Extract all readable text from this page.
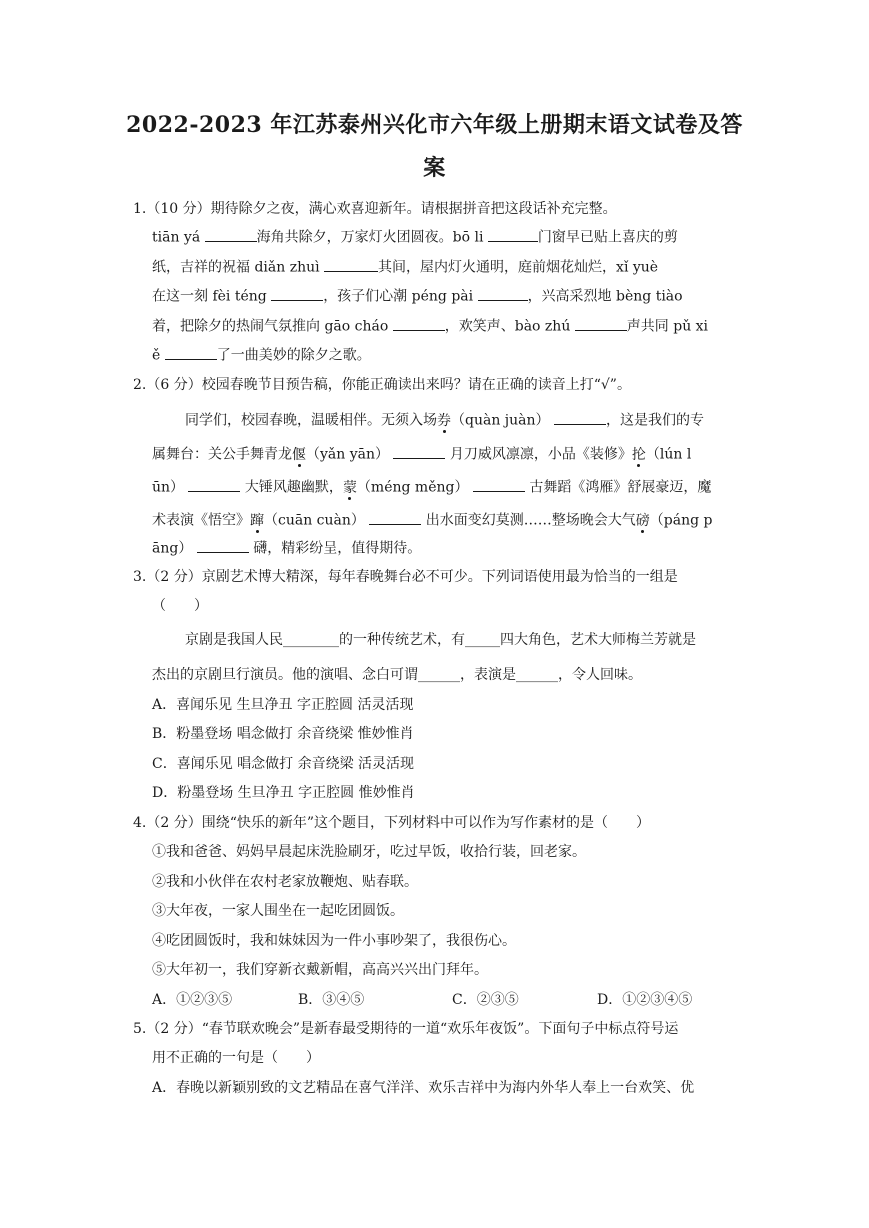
2022-2023 年江苏泰州兴化市六年级上册期末语文试卷及答
案
1.（10 分）期待除夕之夜，满心欢喜迎新年。请根据拼音把这段话补充完整。
tiān yá	海角共除夕，万家灯火团圆夜。bō li	门窗早已贴上喜庆的剪
纸，吉祥的祝福 diǎn zhuì	其间，屋内灯火通明，庭前烟花灿烂，xǐ yuè
在这一刻 fèi téng	，孩子们心潮 péng pài	，兴高采烈地 bèng tiào
着，把除夕的热闹气氛推向 gāo cháo	，欢笑声、bào zhú	声共同 pǔ xi
ě	了一曲美妙的除夕之歌。
2.（6 分）校园春晚节目预告稿，你能正确读出来吗？请在正确的读音上打“√”。
同学们，校园春晚，温暖相伴。无须入场券（quàn juàn）	，这是我们的专
属舞台：关公手舞青龙偃（yǎn yān）	月刀威风凛凛，小品《装修》抡（lún l
ūn）	大锤风趣幽默，蒙（méng měng）	古舞蹈《鸿雁》舒展豪迈，魔
术表演《悟空》蹿（cuān cuàn）	出水面变幻莫测……整场晚会大气磅（páng p
āng）	礴，精彩纷呈，值得期待。
3.（2 分）京剧艺术博大精深，每年春晚舞台必不可少。下列词语使用最为恰当的一组是
（　　）
京剧是我国人民________的一种传统艺术，有_____四大角色，艺术大师梅兰芳就是
杰出的京剧旦行演员。他的演唱、念白可谓______，表演是______，令人回味。
A．喜闻乐见 生旦净丑 字正腔圆 活灵活现
B．粉墨登场 唱念做打 余音绕梁 惟妙惟肖
C．喜闻乐见 唱念做打 余音绕梁 活灵活现
D．粉墨登场 生旦净丑 字正腔圆 惟妙惟肖
4.（2 分）围绕“快乐的新年”这个题目，下列材料中可以作为写作素材的是（　　）
①我和爸爸、妈妈早晨起床洗脸刷牙，吃过早饭，收拾行装，回老家。
②我和小伙伴在农村老家放鞭炮、贴春联。
③大年夜，一家人围坐在一起吃团圆饭。
④吃团圆饭时，我和妹妹因为一件小事吵架了，我很伤心。
⑤大年初一，我们穿新衣戴新帽，高高兴兴出门拜年。
A．①②③⑤	B．③④⑤	C．②③⑤	D．①②③④⑤
5.（2 分）“春节联欢晚会”是新春最受期待的一道“欢乐年夜饭”。下面句子中标点符号运
用不正确的一句是（　　）
A．春晚以新颖别致的文艺精品在喜气洋洋、欢乐吉祥中为海内外华人奉上一台欢笑、优
